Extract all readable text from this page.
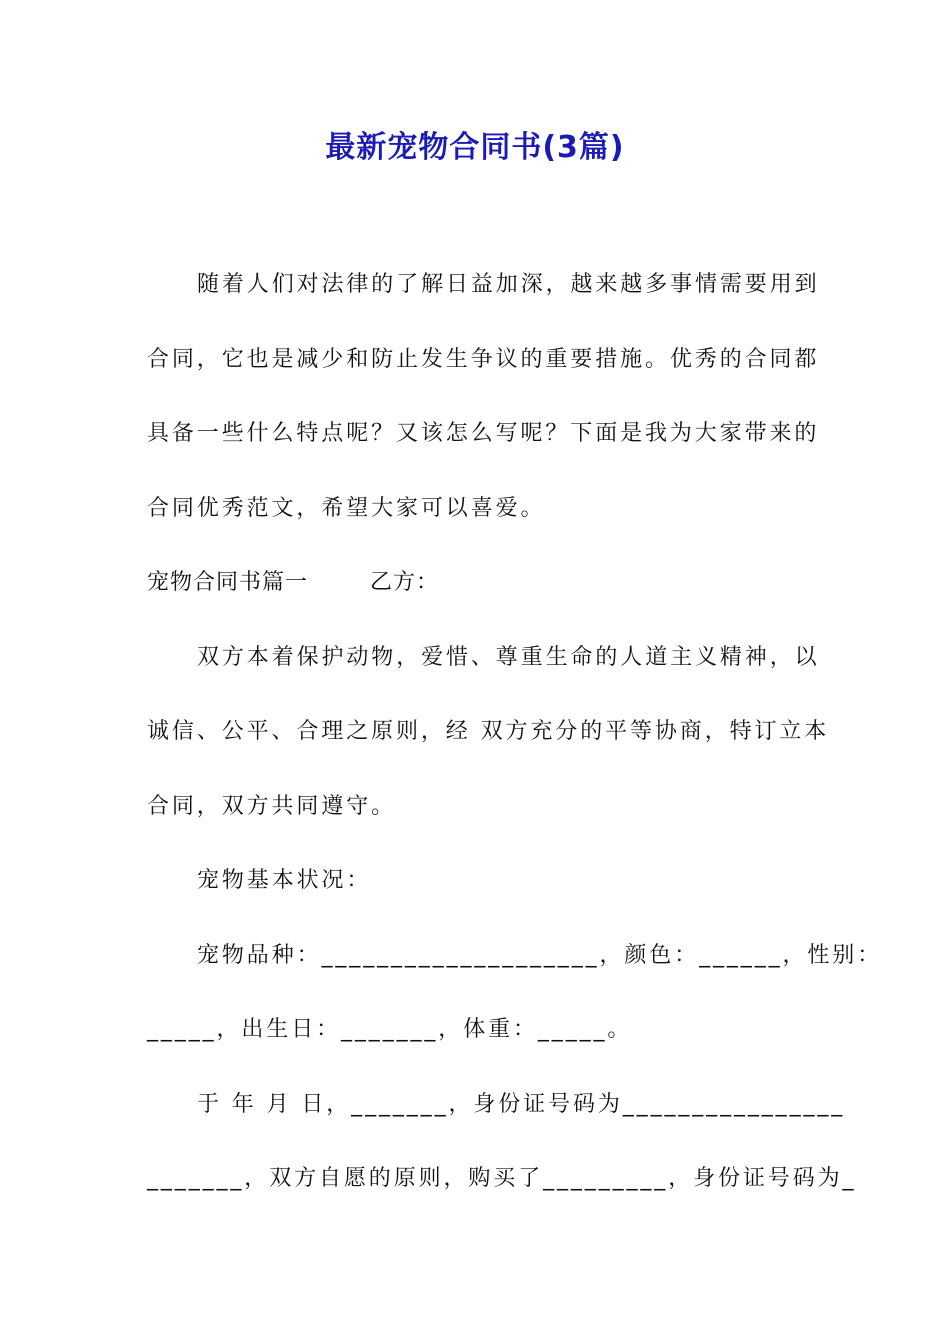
最新宠物合同书(3篇)
随着人们对法律的了解日益加深，越来越多事情需要用到
合同，它也是减少和防止发生争议的重要措施。优秀的合同都
具备一些什么特点呢？又该怎么写呢？下面是我为大家带来的
合同优秀范文，希望大家可以喜爱。
宠物合同书篇一	乙方：
双方本着保护动物，爱惜、尊重生命的人道主义精神，以
诚信、公平、合理之原则，经 双方充分的平等协商，特订立本
合同，双方共同遵守。
宠物基本状况：
宠物品种：____________________，颜色：______，性别：
_____，出生日：_______，体重：_____。
于 年 月 日，_______，身份证号码为________________
_______，双方自愿的原则，购买了_________，身份证号码为_
